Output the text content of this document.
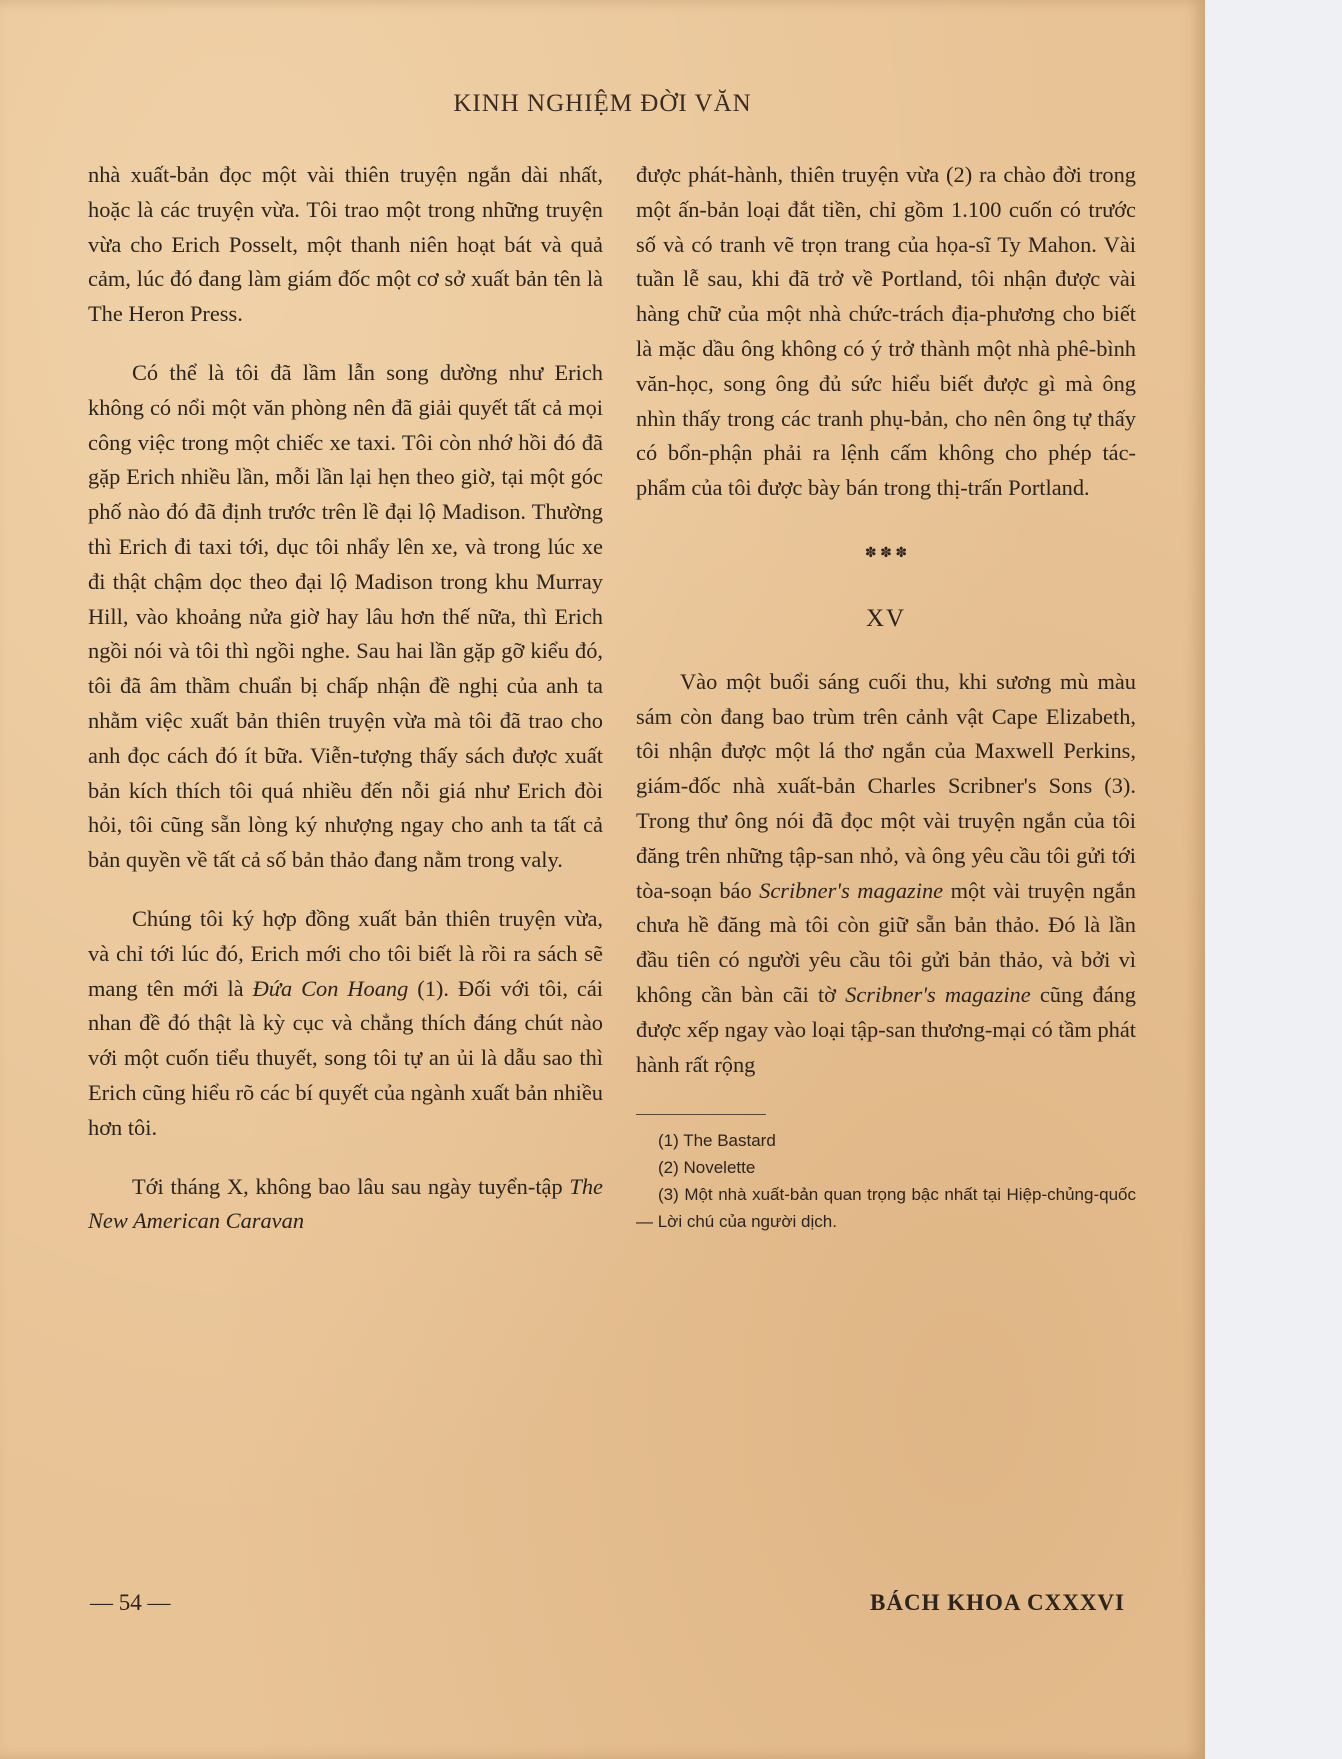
KINH NGHIỆM ĐỜI VĂN

nhà xuất-bản đọc một vài thiên truyện ngắn dài nhất, hoặc là các truyện vừa. Tôi trao một trong những truyện vừa cho Erich Posselt, một thanh niên hoạt bát và quả cảm, lúc đó đang làm giám đốc một cơ sở xuất bản tên là The Heron Press.

Có thể là tôi đã lầm lẫn song dường như Erich không có nổi một văn phòng nên đã giải quyết tất cả mọi công việc trong một chiếc xe taxi. Tôi còn nhớ hồi đó đã gặp Erich nhiều lần, mỗi lần lại hẹn theo giờ, tại một góc phố nào đó đã định trước trên lề đại lộ Madison. Thường thì Erich đi taxi tới, dục tôi nhẩy lên xe, và trong lúc xe đi thật chậm dọc theo đại lộ Madison trong khu Murray Hill, vào khoảng nửa giờ hay lâu hơn thế nữa, thì Erich ngồi nói và tôi thì ngồi nghe. Sau hai lần gặp gỡ kiểu đó, tôi đã âm thầm chuẩn bị chấp nhận đề nghị của anh ta nhằm việc xuất bản thiên truyện vừa mà tôi đã trao cho anh đọc cách đó ít bữa. Viễn-tượng thấy sách được xuất bản kích thích tôi quá nhiều đến nỗi giá như Erich đòi hỏi, tôi cũng sẵn lòng ký nhượng ngay cho anh ta tất cả bản quyền về tất cả số bản thảo đang nằm trong valy.

Chúng tôi ký hợp đồng xuất bản thiên truyện vừa, và chỉ tới lúc đó, Erich mới cho tôi biết là rồi ra sách sẽ mang tên mới là Đứa Con Hoang (1). Đối với tôi, cái nhan đề đó thật là kỳ cục và chẳng thích đáng chút nào với một cuốn tiểu thuyết, song tôi tự an ủi là dẫu sao thì Erich cũng hiểu rõ các bí quyết của ngành xuất bản nhiều hơn tôi.

Tới tháng X, không bao lâu sau ngày tuyển-tập The New American Caravan

được phát-hành, thiên truyện vừa (2) ra chào đời trong một ấn-bản loại đắt tiền, chỉ gồm 1.100 cuốn có trước số và có tranh vẽ trọn trang của họa-sĩ Ty Mahon. Vài tuần lễ sau, khi đã trở về Portland, tôi nhận được vài hàng chữ của một nhà chức-trách địa-phương cho biết là mặc dầu ông không có ý trở thành một nhà phê-bình văn-học, song ông đủ sức hiểu biết được gì mà ông nhìn thấy trong các tranh phụ-bản, cho nên ông tự thấy có bổn-phận phải ra lệnh cấm không cho phép tác-phẩm của tôi được bày bán trong thị-trấn Portland.

✽ ✽ ✽
XV

Vào một buổi sáng cuối thu, khi sương mù màu sám còn đang bao trùm trên cảnh vật Cape Elizabeth, tôi nhận được một lá thơ ngắn của Maxwell Perkins, giám-đốc nhà xuất-bản Charles Scribner's Sons (3). Trong thư ông nói đã đọc một vài truyện ngắn của tôi đăng trên những tập-san nhỏ, và ông yêu cầu tôi gửi tới tòa-soạn báo Scribner's magazine một vài truyện ngắn chưa hề đăng mà tôi còn giữ sẵn bản thảo. Đó là lần đầu tiên có người yêu cầu tôi gửi bản thảo, và bởi vì không cần bàn cãi tờ Scribner's magazine cũng đáng được xếp ngay vào loại tập-san thương-mại có tầm phát hành rất rộng

(1) The Bastard
(2) Novelette
(3) Một nhà xuất-bản quan trọng bậc nhất tại Hiệp-chủng-quốc — Lời chú của người dịch.
— 54 —	BÁCH KHOA CXXXVI
